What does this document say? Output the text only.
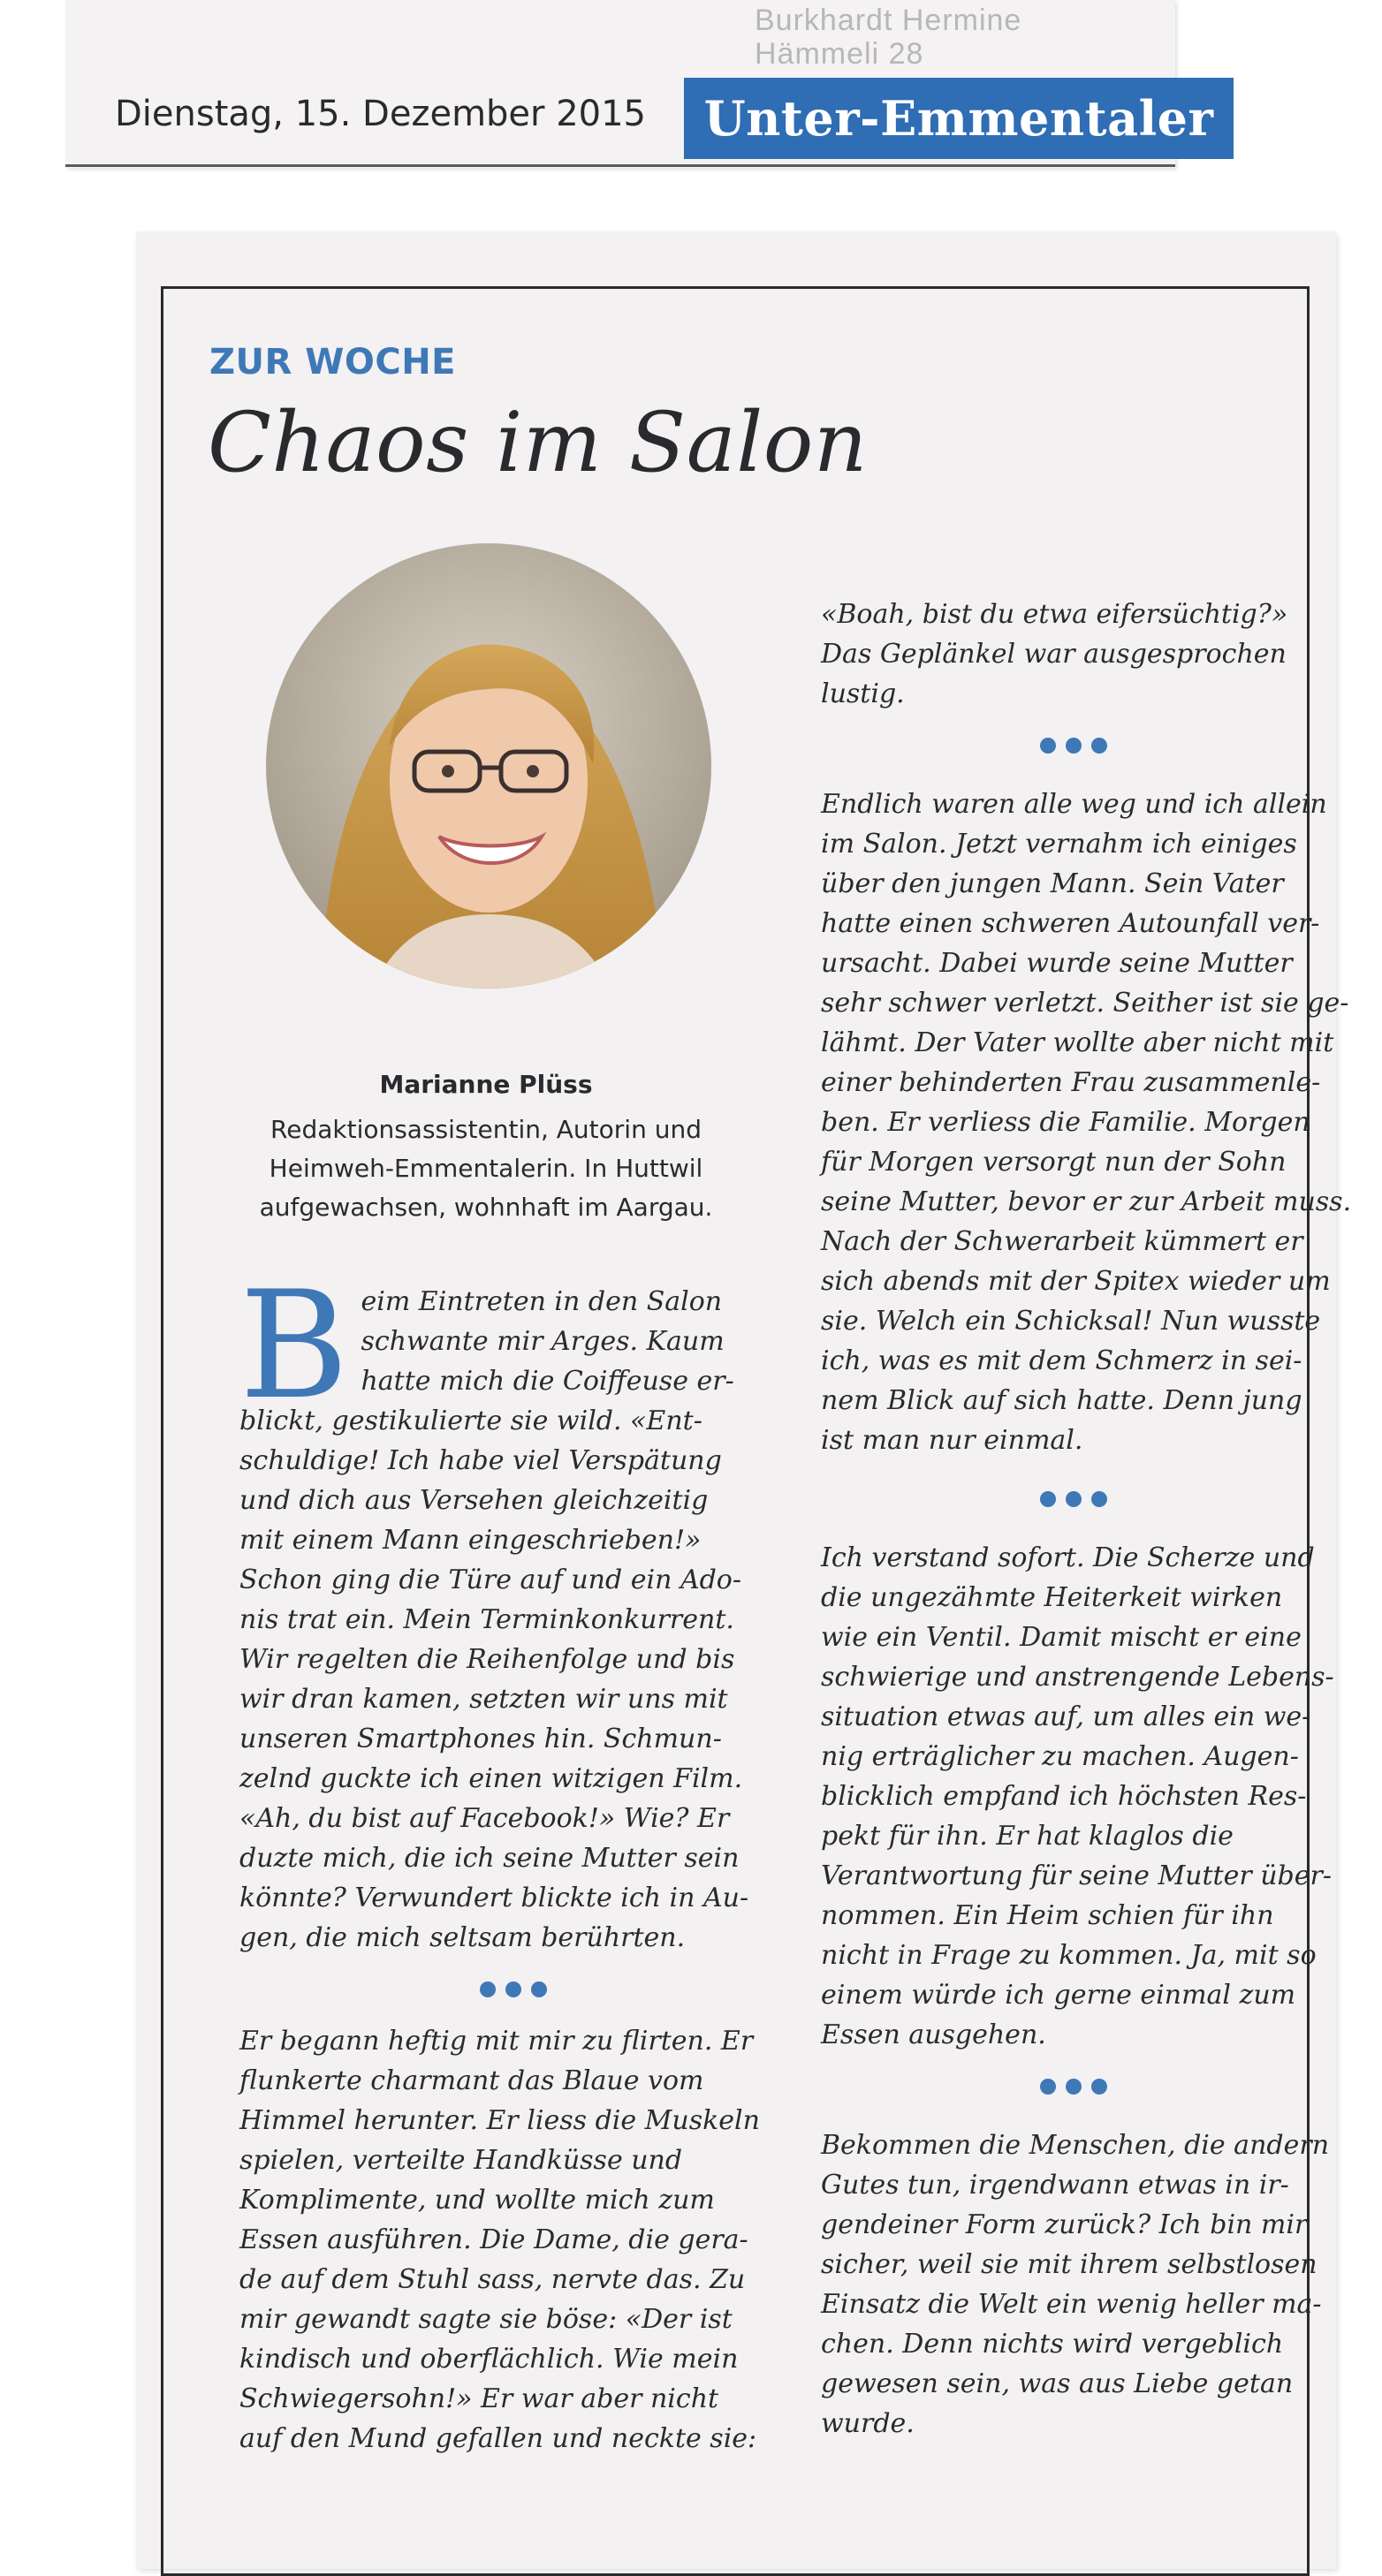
Burkhardt Hermine
Hämmeli 28
Dienstag, 15. Dezember 2015	Unter-Emmentaler
ZUR WOCHE
Chaos im Salon
Marianne Plüss
Redaktionsassistentin, Autorin und
Heimweh-Emmentalerin. In Huttwil
aufgewachsen, wohnhaft im Aargau.

B eim Eintreten in den Salon
schwante mir Arges. Kaum
hatte mich die Coiffeuse er-
blickt, gestikulierte sie wild. «Ent-
schuldige! Ich habe viel Verspätung
und dich aus Versehen gleichzeitig
mit einem Mann eingeschrieben!»
Schon ging die Türe auf und ein Ado-
nis trat ein. Mein Terminkonkurrent.
Wir regelten die Reihenfolge und bis
wir dran kamen, setzten wir uns mit
unseren Smartphones hin. Schmun-
zelnd guckte ich einen witzigen Film.
«Ah, du bist auf Facebook!» Wie? Er
duzte mich, die ich seine Mutter sein
könnte? Verwundert blickte ich in Au-
gen, die mich seltsam berührten.

Er begann heftig mit mir zu flirten. Er
flunkerte charmant das Blaue vom
Himmel herunter. Er liess die Muskeln
spielen, verteilte Handküsse und
Komplimente, und wollte mich zum
Essen ausführen. Die Dame, die gera-
de auf dem Stuhl sass, nervte das. Zu
mir gewandt sagte sie böse: «Der ist
kindisch und oberflächlich. Wie mein
Schwiegersohn!» Er war aber nicht
auf den Mund gefallen und neckte sie:

«Boah, bist du etwa eifersüchtig?»
Das Geplänkel war ausgesprochen
lustig.

Endlich waren alle weg und ich allein
im Salon. Jetzt vernahm ich einiges
über den jungen Mann. Sein Vater
hatte einen schweren Autounfall ver-
ursacht. Dabei wurde seine Mutter
sehr schwer verletzt. Seither ist sie ge-
lähmt. Der Vater wollte aber nicht mit
einer behinderten Frau zusammenle-
ben. Er verliess die Familie. Morgen
für Morgen versorgt nun der Sohn
seine Mutter, bevor er zur Arbeit muss.
Nach der Schwerarbeit kümmert er
sich abends mit der Spitex wieder um
sie. Welch ein Schicksal! Nun wusste
ich, was es mit dem Schmerz in sei-
nem Blick auf sich hatte. Denn jung
ist man nur einmal.

Ich verstand sofort. Die Scherze und
die ungezähmte Heiterkeit wirken
wie ein Ventil. Damit mischt er eine
schwierige und anstrengende Lebens-
situation etwas auf, um alles ein we-
nig erträglicher zu machen. Augen-
blicklich empfand ich höchsten Res-
pekt für ihn. Er hat klaglos die
Verantwortung für seine Mutter über-
nommen. Ein Heim schien für ihn
nicht in Frage zu kommen. Ja, mit so
einem würde ich gerne einmal zum
Essen ausgehen.

Bekommen die Menschen, die andern
Gutes tun, irgendwann etwas in ir-
gendeiner Form zurück? Ich bin mir
sicher, weil sie mit ihrem selbstlosen
Einsatz die Welt ein wenig heller ma-
chen. Denn nichts wird vergeblich
gewesen sein, was aus Liebe getan
wurde.
